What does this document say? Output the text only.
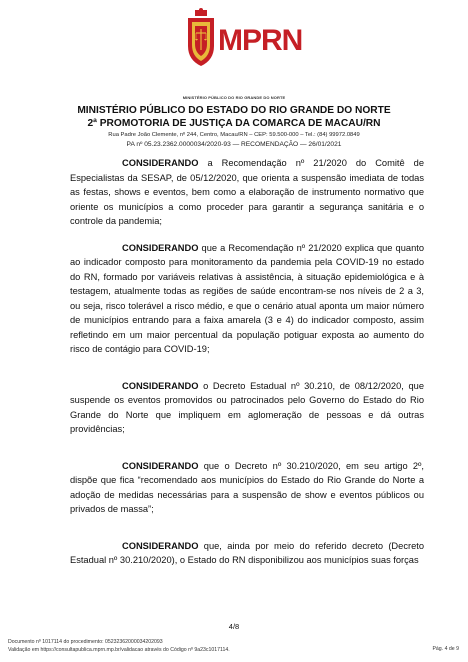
MPRN
MINISTÉRIO PÚBLICO DO RIO GRANDE DO NORTE
MINISTÉRIO PÚBLICO DO ESTADO DO RIO GRANDE DO NORTE
2ª PROMOTORIA DE JUSTIÇA DA COMARCA DE MACAU/RN
Rua Padre João Clemente, nº 244, Centro, Macau/RN – CEP: 59.500-000 – Tel.: (84) 99972.0849
PA nº 05.23.2362.0000034/2020-93 — RECOMENDAÇÃO — 26/01/2021

CONSIDERANDO a Recomendação nº 21/2020 do Comitê de Especialistas da SESAP, de 05/12/2020, que orienta a suspensão imediata de todas as festas, shows e eventos, bem como a elaboração de instrumento normativo que oriente os municípios a como proceder para garantir a segurança sanitária e o controle da pandemia;

CONSIDERANDO que a Recomendação nº 21/2020 explica que quanto ao indicador composto para monitoramento da pandemia pela COVID-19 no estado do RN, formado por variáveis relativas à assistência, à situação epidemiológica e à testagem, atualmente todas as regiões de saúde encontram-se nos níveis de 2 a 3, ou seja, risco tolerável a risco médio, e que o cenário atual aponta um maior número de municípios entrando para a faixa amarela (3 e 4) do indicador composto, assim refletindo em um maior percentual da população potiguar exposta ao aumento do risco de contágio para COVID-19;

CONSIDERANDO o Decreto Estadual nº 30.210, de 08/12/2020, que suspende os eventos promovidos ou patrocinados pelo Governo do Estado do Rio Grande do Norte que impliquem em aglomeração de pessoas e dá outras providências;

CONSIDERANDO que o Decreto nº 30.210/2020, em seu artigo 2º, dispõe que fica “recomendado aos municípios do Estado do Rio Grande do Norte a adoção de medidas necessárias para a suspensão de show e eventos públicos ou privados de massa”;

CONSIDERANDO que, ainda por meio do referido decreto (Decreto Estadual nº 30.210/2020), o Estado do RN disponibilizou aos municípios suas forças

4/8
Documento nº 1017114 do procedimento: 05232362000034202093
Validação em https://consultapublica.mprn.mp.br/validacao através do Código nº 9a23c1017114.	Pág. 4 de 9
